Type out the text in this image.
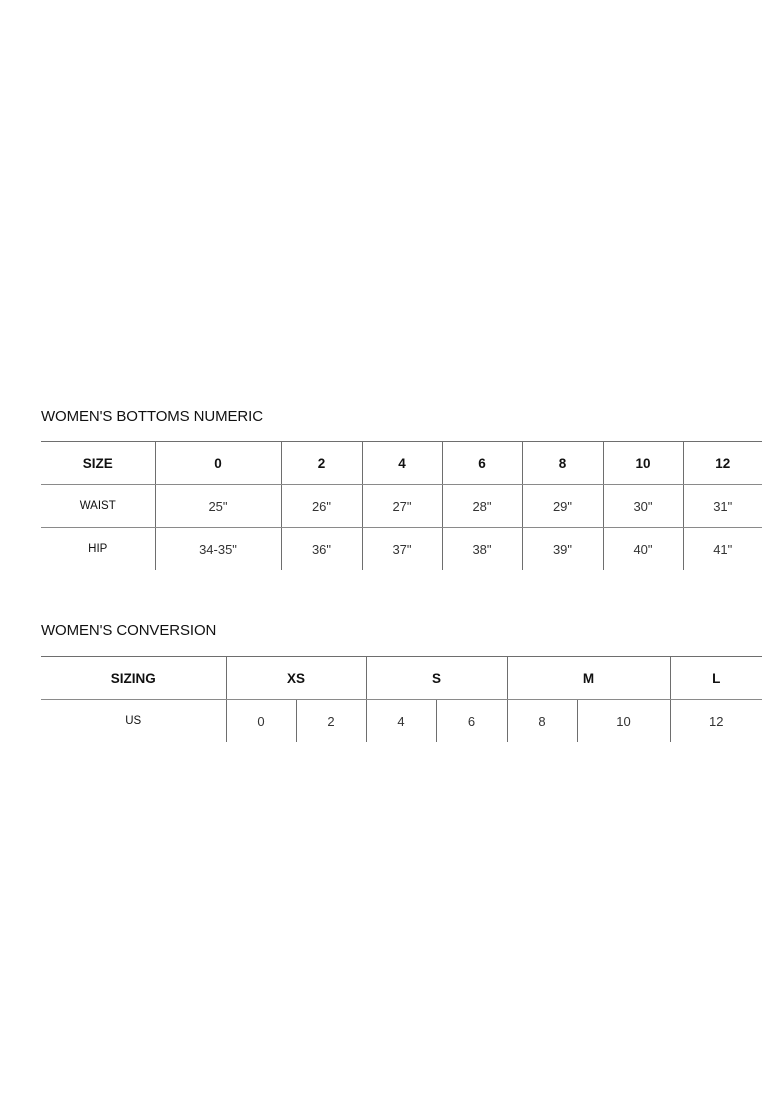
WOMEN'S BOTTOMS NUMERIC
SIZE	0	2	4	6	8	10	12
WAIST	25"	26"	27"	28"	29"	30"	31"
HIP	34-35"	36"	37"	38"	39"	40"	41"
WOMEN'S CONVERSION
SIZING	XS		S		M		L
US	0	2	4	6	8	10	12
